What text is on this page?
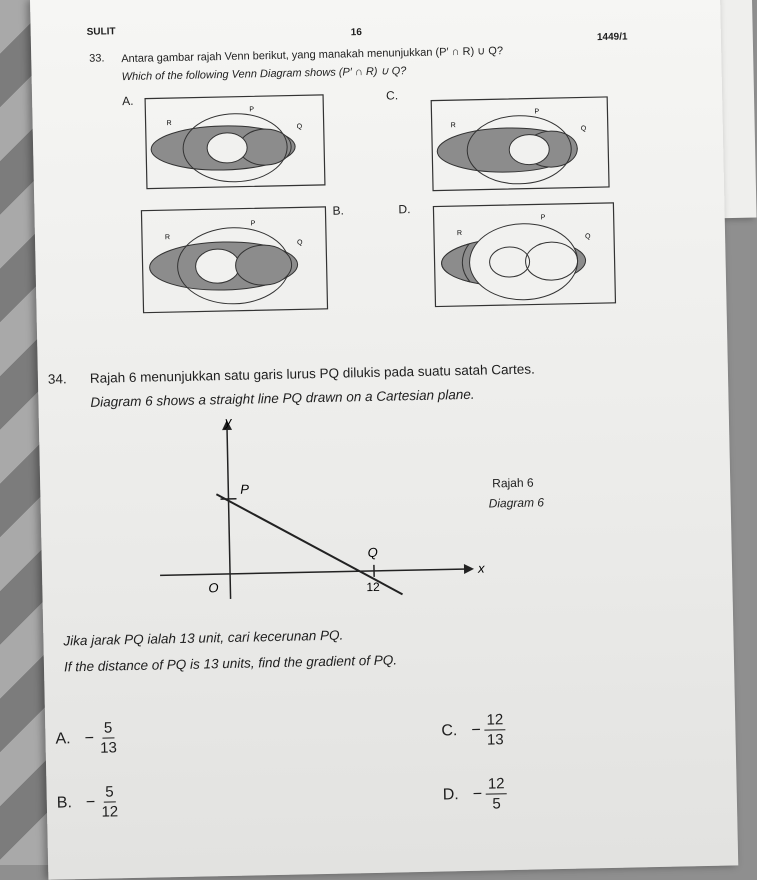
SULIT	16	1449/1
33. Antara gambar rajah Venn berikut, yang manakah menunjukkan (P′ ∩ R) ∪ Q?
Which of the following Venn Diagram shows (P′ ∩ R) ∪ Q?
A.	C.
B.	D.
P
R	Q
P
R	Q
P
R
Q
P
R	Q
34. Rajah 6 menunjukkan satu garis lurus PQ dilukis pada suatu satah Cartes.
Diagram 6 shows a straight line PQ drawn on a Cartesian plane.
y
x
O
P
Q
12
Rajah 6
Diagram 6
Jika jarak PQ ialah 13 unit, cari kecerunan PQ.
If the distance of PQ is 13 units, find the gradient of PQ.
A. − $\frac{5}{13}$
B. − $\frac{5}{12}$
C. − $\frac{12}{13}$
D. − $\frac{12}{5}$
